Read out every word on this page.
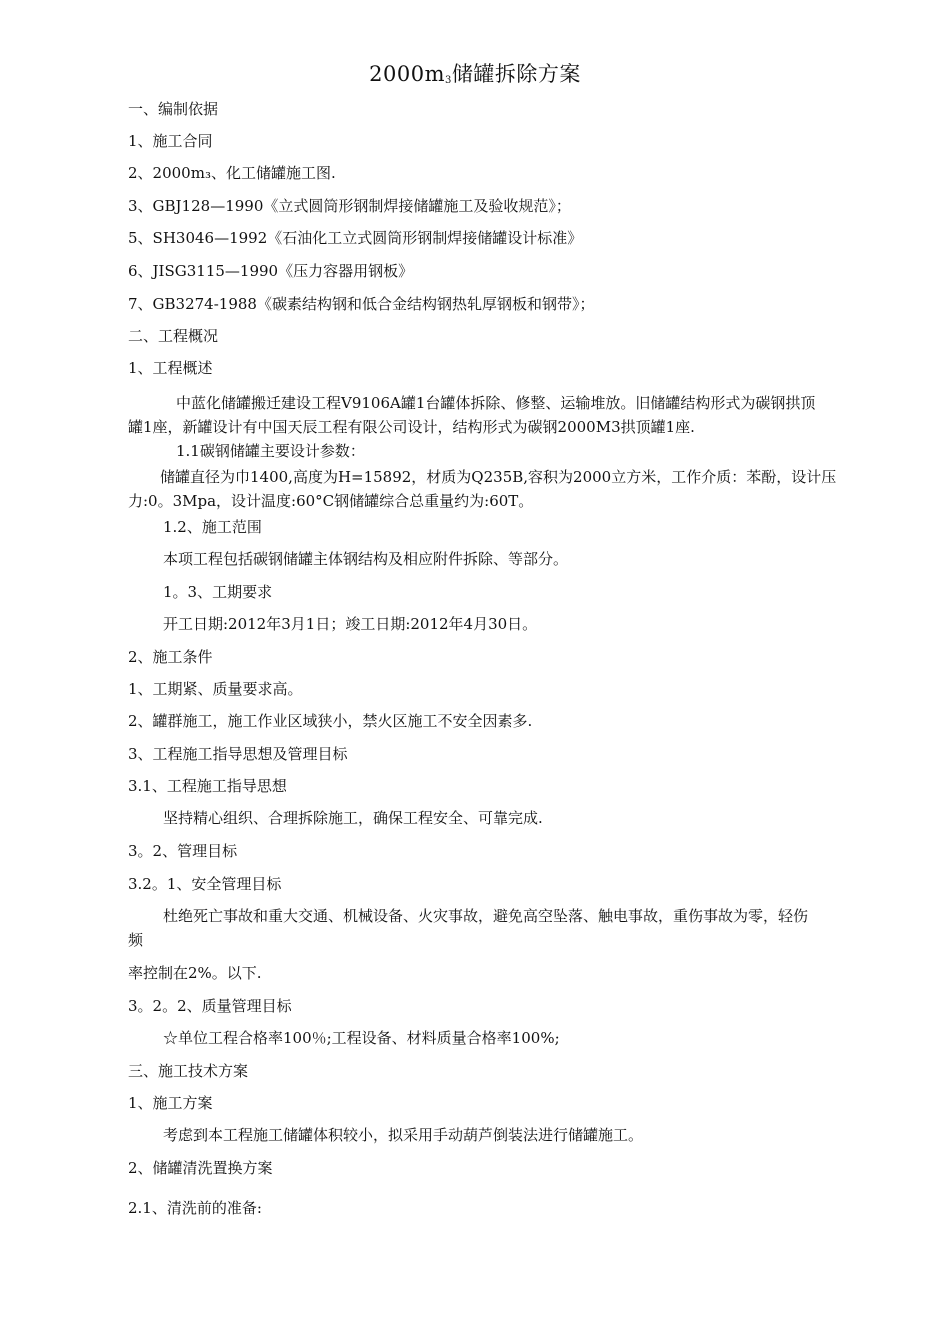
$2000m_3$储罐拆除方案
一、编制依据
1、施工合同
2、2000m₃、化工储罐施工图.
3、GBJ128—1990《立式圆筒形钢制焊接储罐施工及验收规范》；
5、SH3046—1992《石油化工立式圆筒形钢制焊接储罐设计标准》
6、JISG3115—1990《压力容器用钢板》
7、GB3274-1988《碳素结构钢和低合金结构钢热轧厚钢板和钢带》；
二、工程概况
1、工程概述
中蓝化储罐搬迁建设工程V9106A罐1台罐体拆除、修整、运输堆放。旧储罐结构形式为碳钢拱顶
罐1座，新罐设计有中国天辰工程有限公司设计，结构形式为碳钢2000M3拱顶罐1座.
1.1碳钢储罐主要设计参数：
储罐直径为巾1400,高度为H=15892，材质为Q235B,容积为2000立方米，工作介质：苯酚，设计压
力:0。3Mpa，设计温度:60°C钢储罐综合总重量约为:60T。
1.2、施工范围
本项工程包括碳钢储罐主体钢结构及相应附件拆除、等部分。
1。3、工期要求
开工日期:2012年3月1日；竣工日期:2012年4月30日。
2、施工条件
1、工期紧、质量要求高。
2、罐群施工，施工作业区域狭小，禁火区施工不安全因素多.
3、工程施工指导思想及管理目标
3.1、工程施工指导思想
坚持精心组织、合理拆除施工，确保工程安全、可靠完成.
3。2、管理目标
3.2。1、安全管理目标
杜绝死亡事故和重大交通、机械设备、火灾事故，避免高空坠落、触电事故，重伤事故为零，轻伤
频
率控制在2%。以下.
3。2。2、质量管理目标
☆单位工程合格率100％;工程设备、材料质量合格率100%;
三、施工技术方案
1、施工方案
考虑到本工程施工储罐体积较小，拟采用手动葫芦倒装法进行储罐施工。
2、储罐清洗置换方案
2.1、清洗前的准备:
